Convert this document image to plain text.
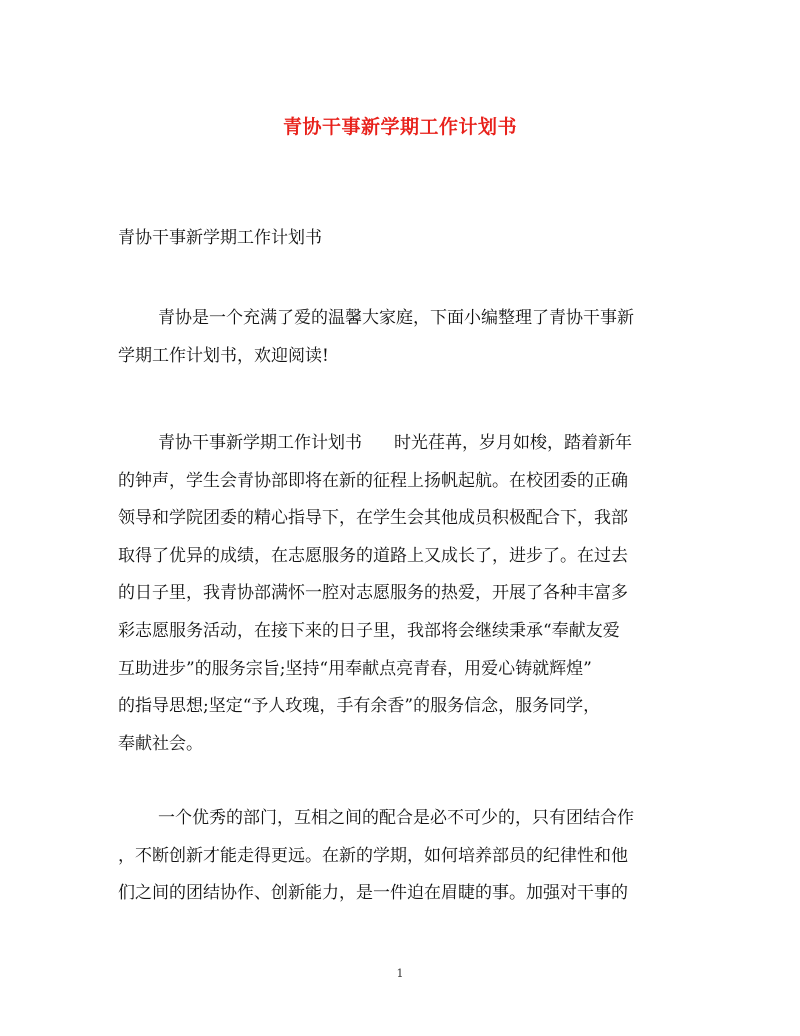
青协干事新学期工作计划书
青协干事新学期工作计划书
青协是一个充满了爱的温馨大家庭，下面小编整理了青协干事新
学期工作计划书，欢迎阅读!
青协干事新学期工作计划书 时光荏苒，岁月如梭，踏着新年
的钟声，学生会青协部即将在新的征程上扬帆起航。在校团委的正确
领导和学院团委的精心指导下，在学生会其他成员积极配合下，我部
取得了优异的成绩，在志愿服务的道路上又成长了，进步了。在过去
的日子里，我青协部满怀一腔对志愿服务的热爱，开展了各种丰富多
彩志愿服务活动，在接下来的日子里，我部将会继续秉承“奉献友爱
互助进步”的服务宗旨;坚持“用奉献点亮青春，用爱心铸就辉煌”
的指导思想;坚定“予人玫瑰，手有余香”的服务信念，服务同学，
奉献社会。
一个优秀的部门，互相之间的配合是必不可少的，只有团结合作
，不断创新才能走得更远。在新的学期，如何培养部员的纪律性和他
们之间的团结协作、创新能力，是一件迫在眉睫的事。加强对干事的
1
